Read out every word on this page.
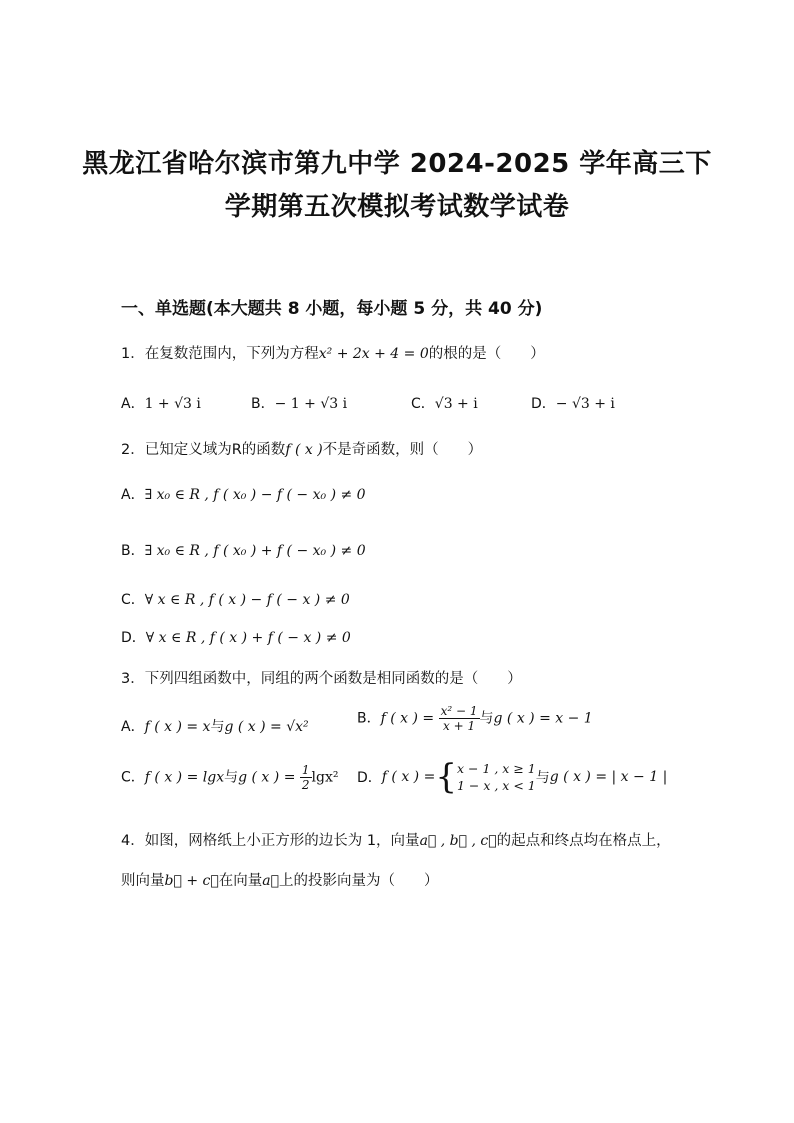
黑龙江省哈尔滨市第九中学 2024-2025 学年高三下
学期第五次模拟考试数学试卷
一、单选题(本大题共 8 小题，每小题 5 分，共 40 分)
1．在复数范围内，下列为方程x² + 2x + 4 = 0的根的是（　　）
A．1 + √3 i	B．− 1 + √3 i	C．√3 + i	D．− √3 + i
2．已知定义域为R的函数f ( x )不是奇函数，则（　　）
A．∃ x₀ ∈ R , f ( x₀ ) − f ( − x₀ ) ≠ 0
B．∃ x₀ ∈ R , f ( x₀ ) + f ( − x₀ ) ≠ 0
C．∀ x ∈ R , f ( x ) − f ( − x ) ≠ 0
D．∀ x ∈ R , f ( x ) + f ( − x ) ≠ 0
3．下列四组函数中，同组的两个函数是相同函数的是（　　）
A．f ( x ) = x与g ( x ) = √x²
B．f ( x ) = $\frac{\text{x² − 1}}{x + 1}$ 与g ( x ) = x − 1
C．f ( x ) = lgx与g ( x ) = $\frac{1}{2} \lg x^2$ D． f ( x ) = { x − 1 , x ≥ 1
1 − x , x < 1 与 g ( x ) = | x − 1 |
4．如图，网格纸上小正方形的边长为 1，向量a⃗ , b⃗ , c⃗的起点和终点均在格点上，
则向量b⃗ + c⃗在向量a⃗上的投影向量为（　　）
